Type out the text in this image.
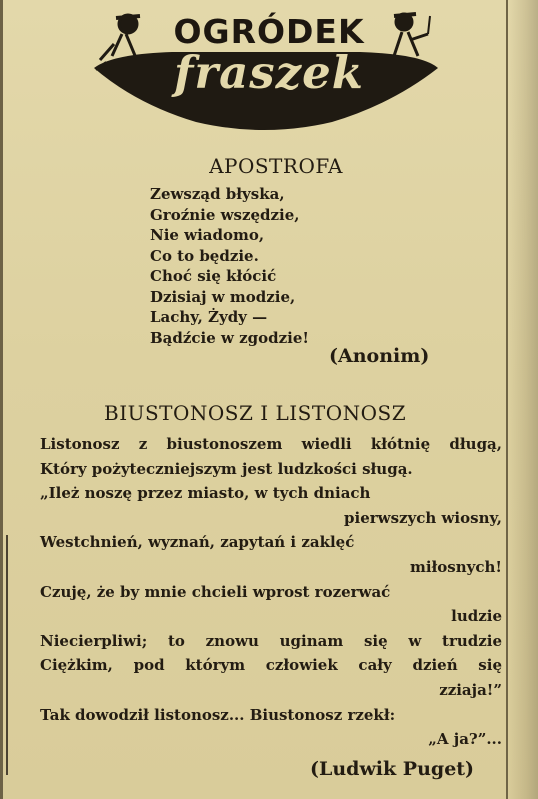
OGRÓDEK
fraszek
APOSTROFA
Zewsząd błyska,
Groźnie wszędzie,
Nie wiadomo,
Co to będzie.
Choć się kłócić
Dzisiaj w modzie,
Lachy, Żydy —
Bądźcie w zgodzie!
(Anonim)
BIUSTONOSZ I LISTONOSZ
Listonosz z biustonoszem wiedli kłótnię długą,
Który pożyteczniejszym jest ludzkości sługą.
„Ileż noszę przez miasto, w tych dniach
pierwszych wiosny,
Westchnień, wyznań, zapytań i zaklęć
miłosnych!
Czuję, że by mnie chcieli wprost rozerwać
ludzie
Niecierpliwi; to znowu uginam się w trudzie
Ciężkim, pod którym człowiek cały dzień się
zziaja!”
Tak dowodził listonosz... Biustonosz rzekł:
„A ja?”...
(Ludwik Puget)
